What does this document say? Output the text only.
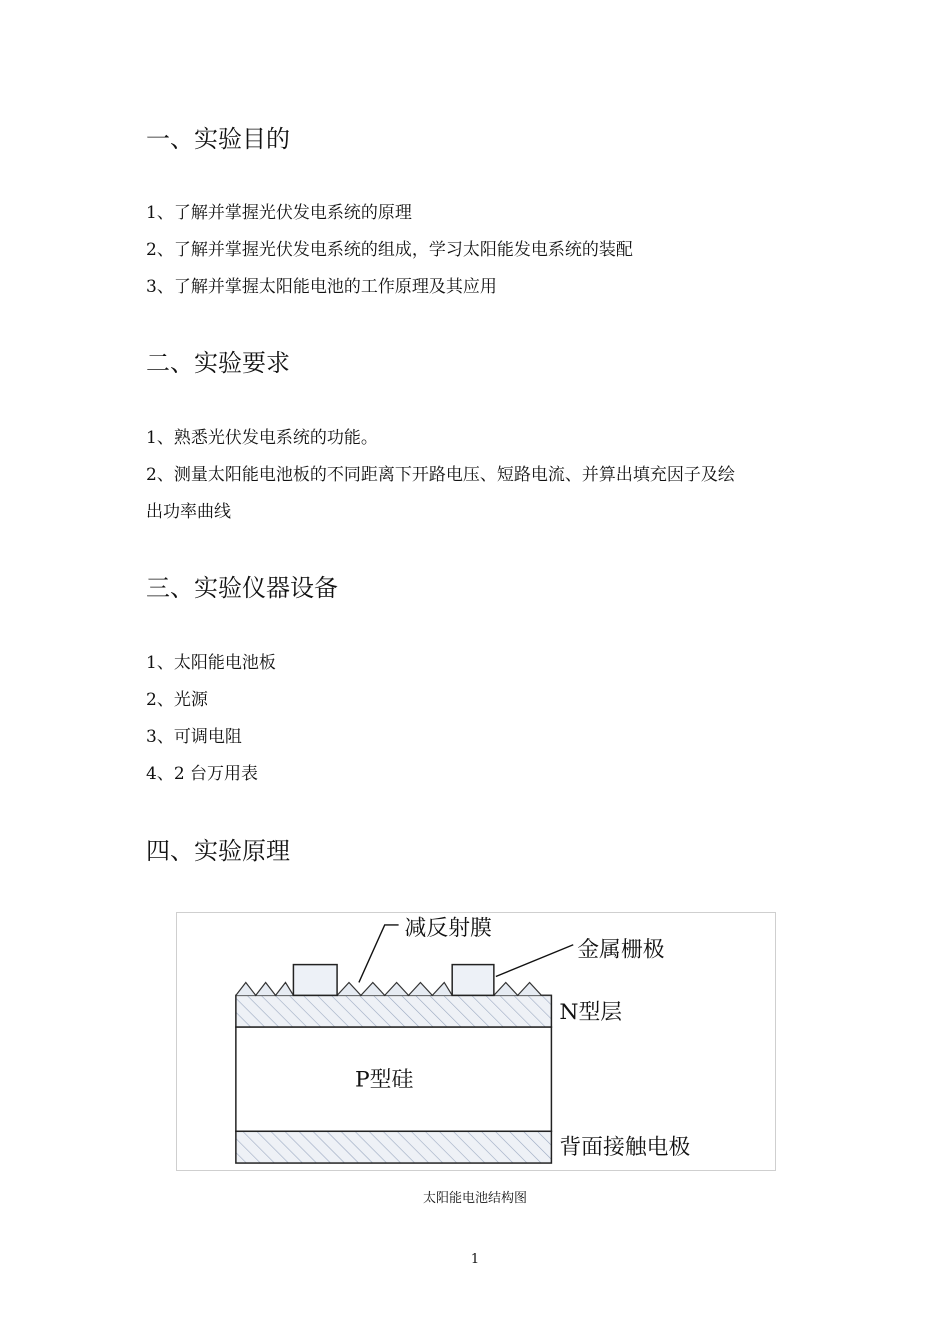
一、实验目的
1、了解并掌握光伏发电系统的原理
2、了解并掌握光伏发电系统的组成，学习太阳能发电系统的装配
3、了解并掌握太阳能电池的工作原理及其应用
二、实验要求
1、熟悉光伏发电系统的功能。
2、测量太阳能电池板的不同距离下开路电压、短路电流、并算出填充因子及绘
出功率曲线
三、实验仪器设备
1、太阳能电池板
2、光源
3、可调电阻
4、2 台万用表
四、实验原理
减反射膜
金属栅极
N型层
P型硅
背面接触电极
太阳能电池结构图
1
